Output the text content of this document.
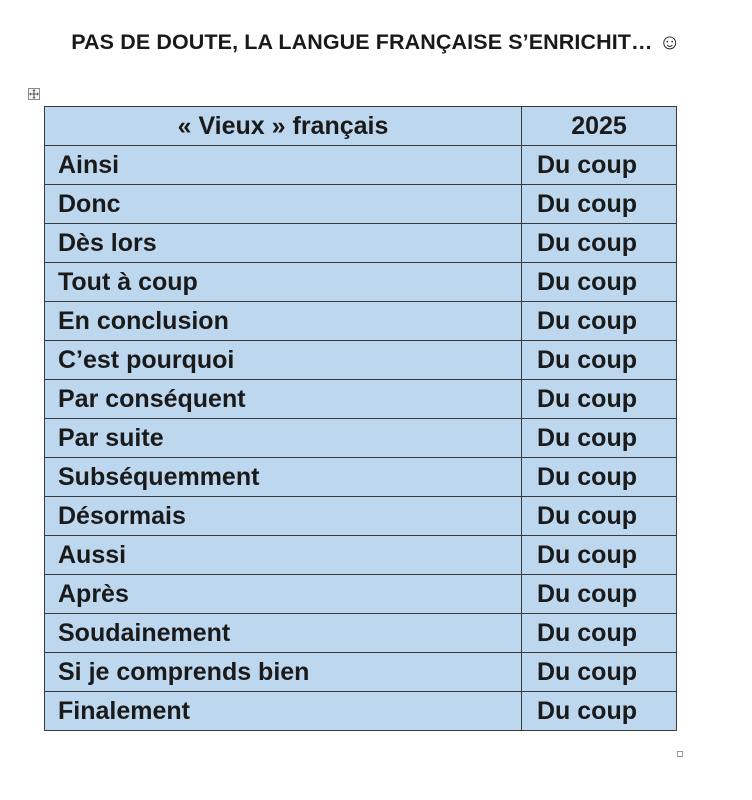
PAS DE DOUTE, LA LANGUE FRANÇAISE S’ENRICHIT… ☺
« Vieux » français	2025
Ainsi	Du coup
Donc	Du coup
Dès lors	Du coup
Tout à coup	Du coup
En conclusion	Du coup
C’est pourquoi	Du coup
Par conséquent	Du coup
Par suite	Du coup
Subséquemment	Du coup
Désormais	Du coup
Aussi	Du coup
Après	Du coup
Soudainement	Du coup
Si je comprends bien	Du coup
Finalement	Du coup
